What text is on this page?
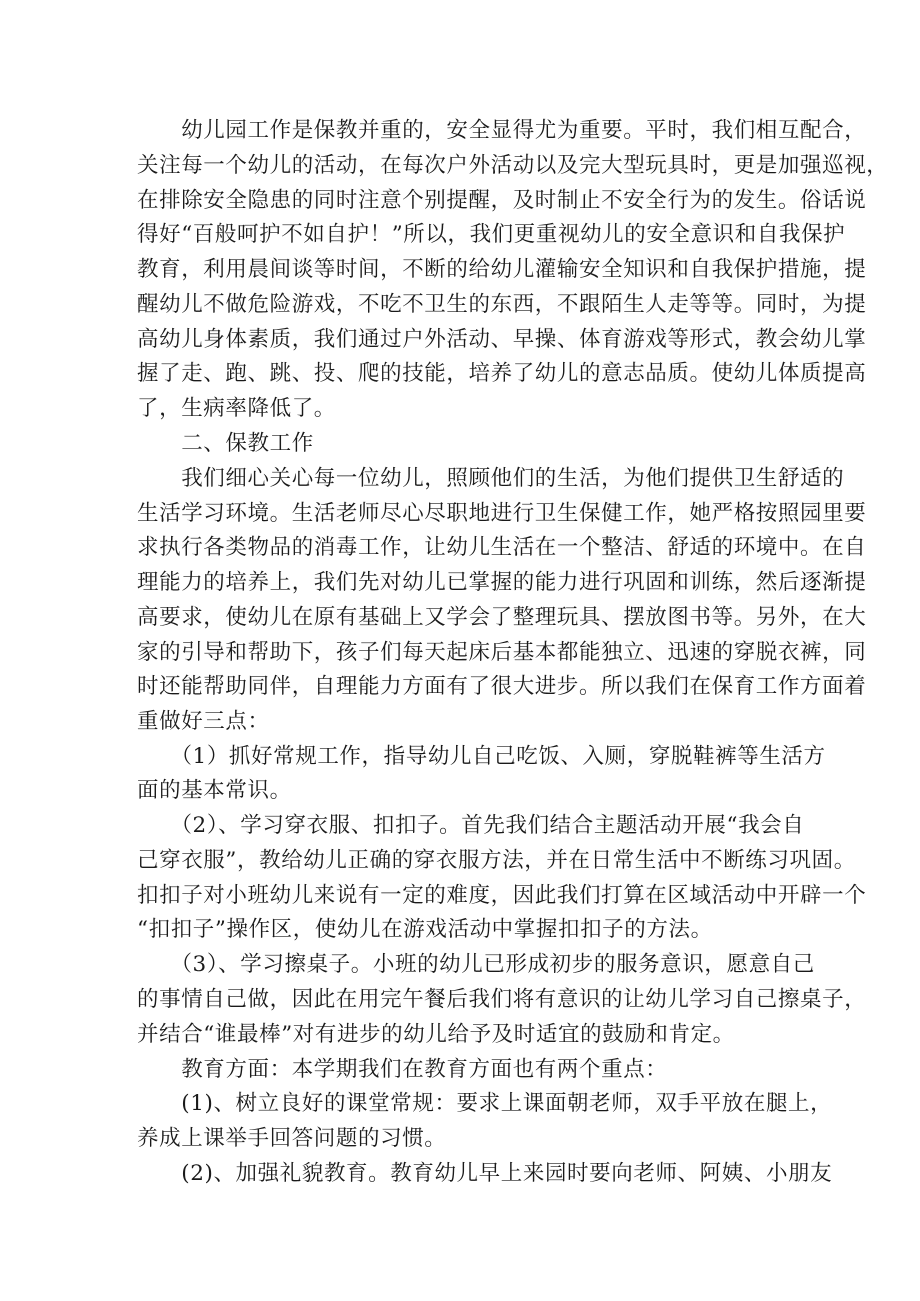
　　幼儿园工作是保教并重的，安全显得尤为重要。平时，我们相互配合，
关注每一个幼儿的活动，在每次户外活动以及完大型玩具时，更是加强巡视，
在排除安全隐患的同时注意个别提醒，及时制止不安全行为的发生。俗话说
得好“百般呵护不如自护！”所以，我们更重视幼儿的安全意识和自我保护
教育，利用晨间谈等时间，不断的给幼儿灌输安全知识和自我保护措施，提
醒幼儿不做危险游戏，不吃不卫生的东西，不跟陌生人走等等。同时，为提
高幼儿身体素质，我们通过户外活动、早操、体育游戏等形式，教会幼儿掌
握了走、跑、跳、投、爬的技能，培养了幼儿的意志品质。使幼儿体质提高
了，生病率降低了。
　　二、保教工作
　　我们细心关心每一位幼儿，照顾他们的生活，为他们提供卫生舒适的
生活学习环境。生活老师尽心尽职地进行卫生保健工作，她严格按照园里要
求执行各类物品的消毒工作，让幼儿生活在一个整洁、舒适的环境中。在自
理能力的培养上，我们先对幼儿已掌握的能力进行巩固和训练，然后逐渐提
高要求，使幼儿在原有基础上又学会了整理玩具、摆放图书等。另外，在大
家的引导和帮助下，孩子们每天起床后基本都能独立、迅速的穿脱衣裤，同
时还能帮助同伴，自理能力方面有了很大进步。所以我们在保育工作方面着
重做好三点：
　　（1）抓好常规工作，指导幼儿自己吃饭、入厕，穿脱鞋裤等生活方
面的基本常识。
　　（2）、学习穿衣服、扣扣子。首先我们结合主题活动开展“我会自
己穿衣服”，教给幼儿正确的穿衣服方法，并在日常生活中不断练习巩固。
扣扣子对小班幼儿来说有一定的难度，因此我们打算在区域活动中开辟一个
“扣扣子”操作区，使幼儿在游戏活动中掌握扣扣子的方法。
　　（3）、学习擦桌子。小班的幼儿已形成初步的服务意识，愿意自己
的事情自己做，因此在用完午餐后我们将有意识的让幼儿学习自己擦桌子，
并结合“谁最棒”对有进步的幼儿给予及时适宜的鼓励和肯定。
　　教育方面：本学期我们在教育方面也有两个重点：
　　(1)、树立良好的课堂常规：要求上课面朝老师，双手平放在腿上，
养成上课举手回答问题的习惯。
　　(2)、加强礼貌教育。教育幼儿早上来园时要向老师、阿姨、小朋友
